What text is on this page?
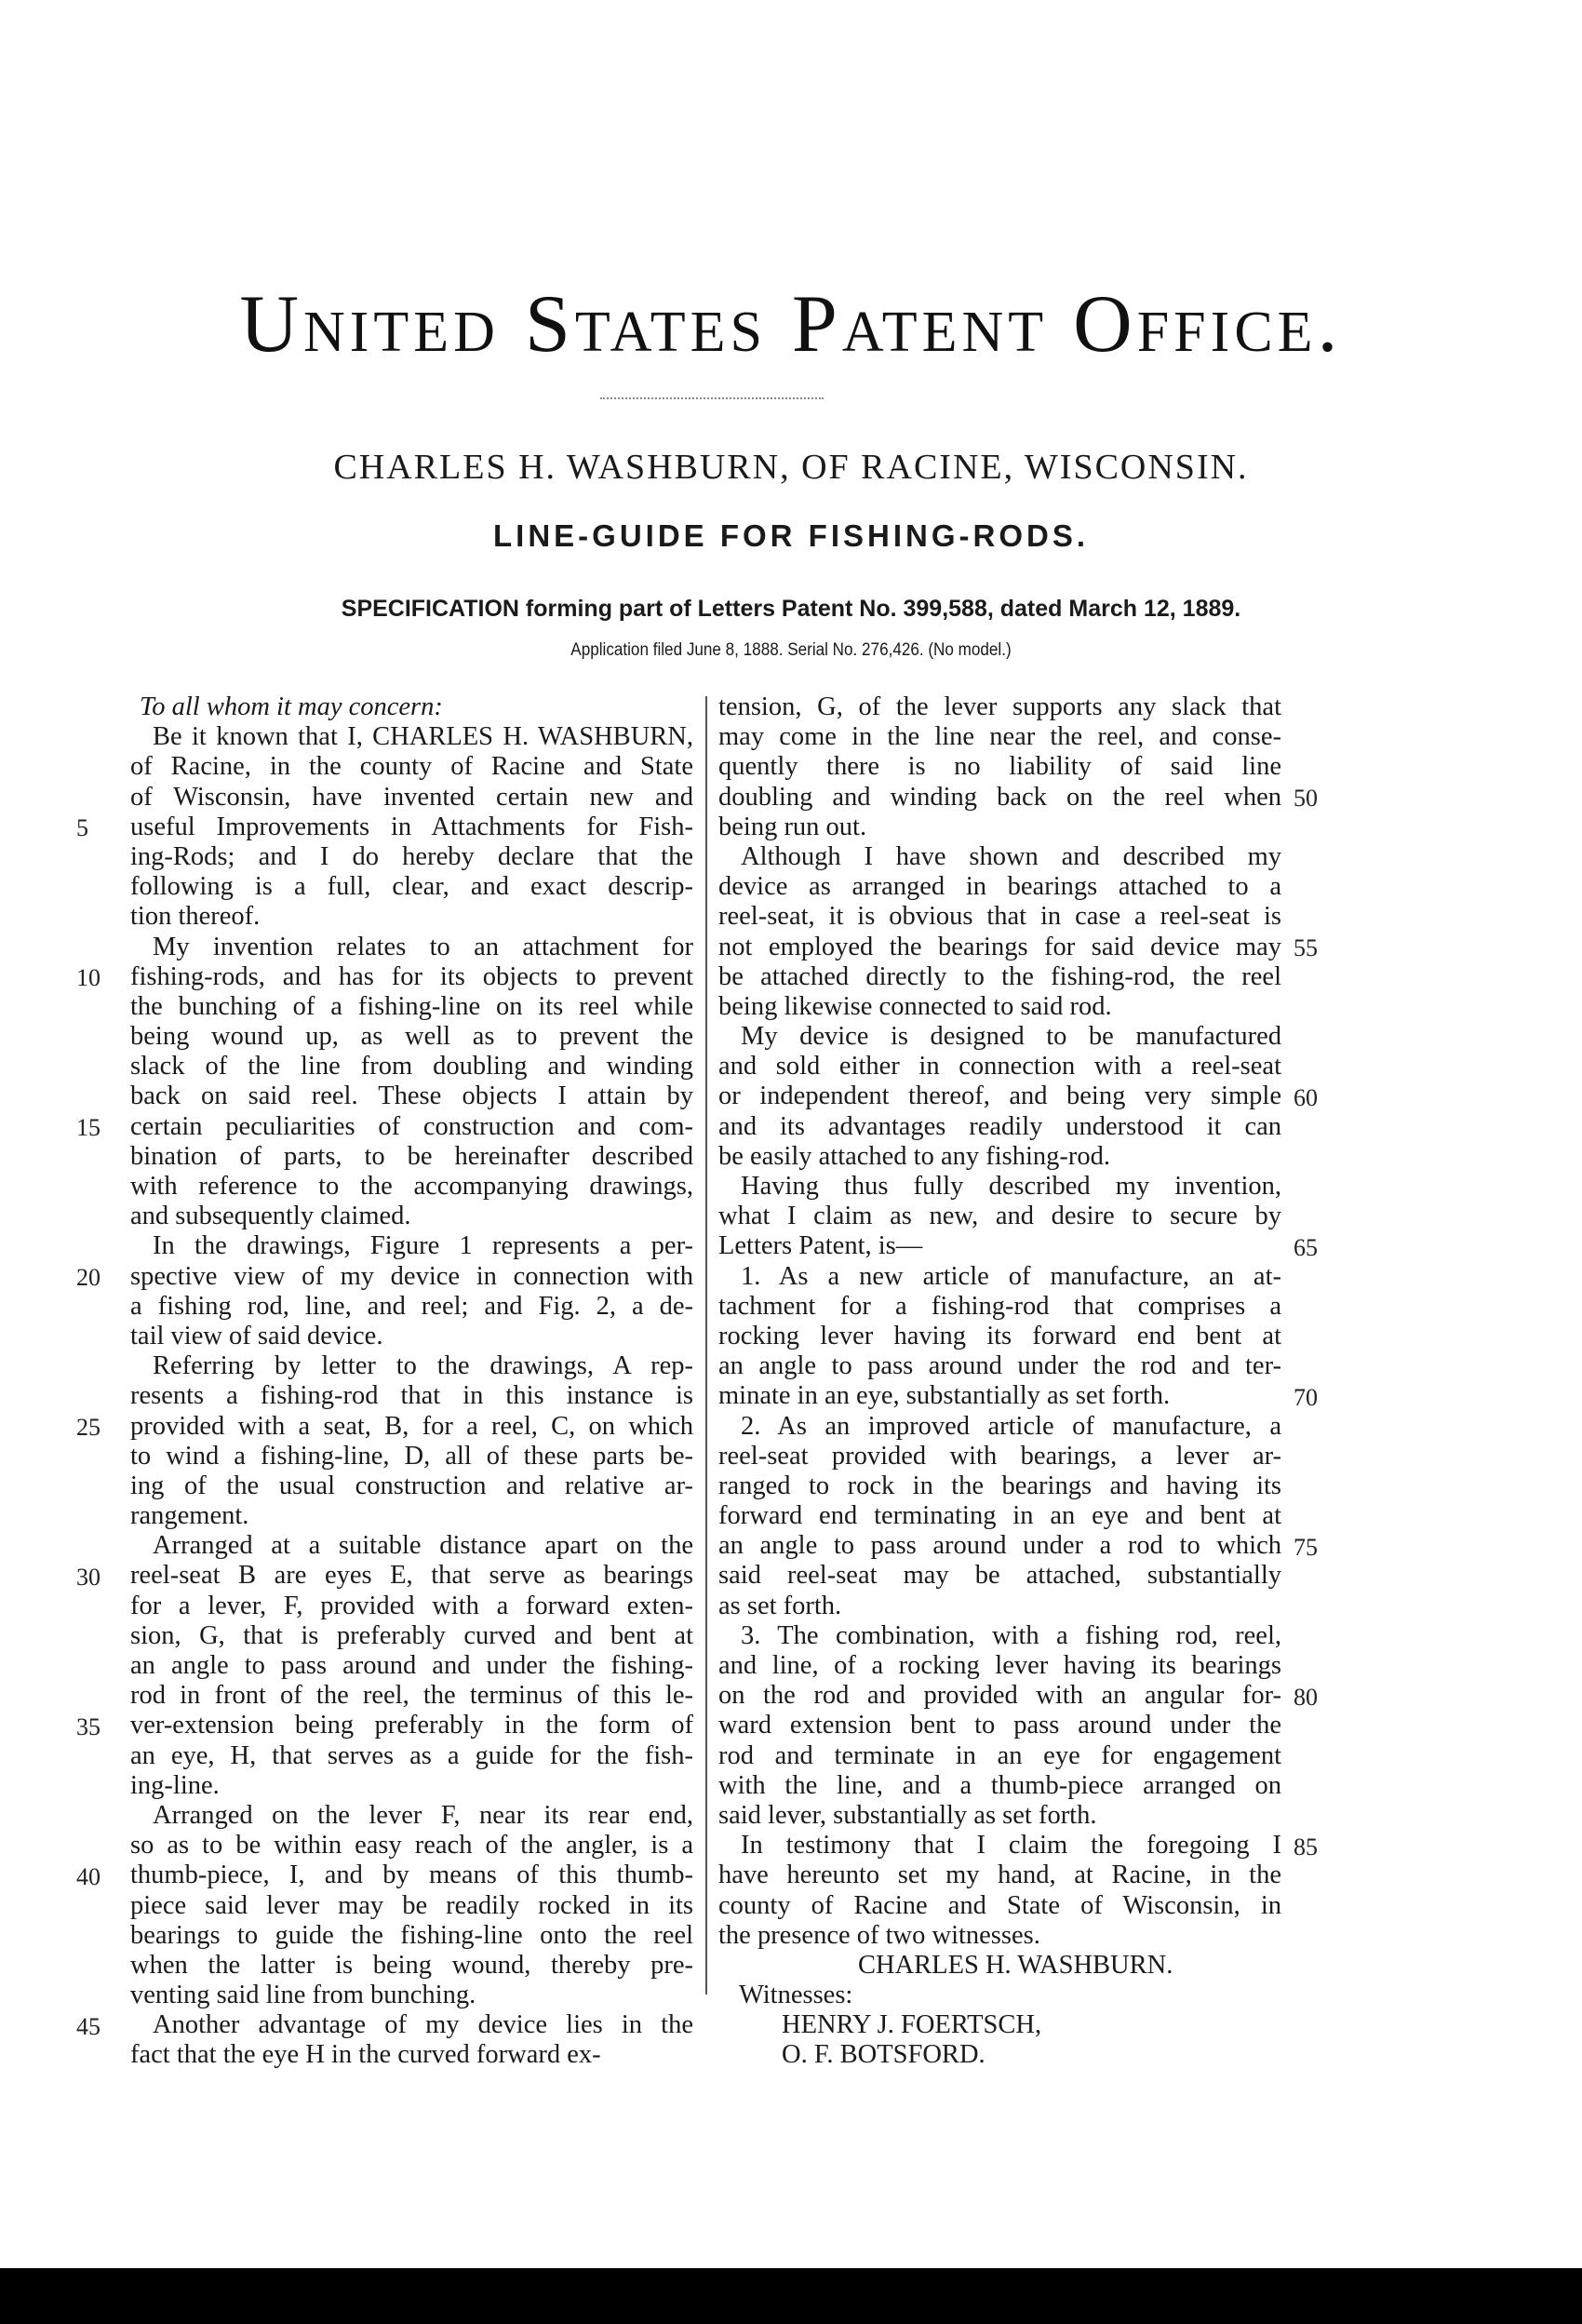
United States Patent Office.
CHARLES H. WASHBURN, OF RACINE, WISCONSIN.
LINE-GUIDE FOR FISHING-RODS.
SPECIFICATION forming part of Letters Patent No. 399,588, dated March 12, 1889.
Application filed June 8, 1888. Serial No. 276,426. (No model.)
To all whom it may concern:
Be it known that I, CHARLES H. WASHBURN,
of Racine, in the county of Racine and State
of Wisconsin, have invented certain new and
useful Improvements in Attachments for Fish-
ing-Rods; and I do hereby declare that the
following is a full, clear, and exact descrip-
tion thereof.
My invention relates to an attachment for
fishing-rods, and has for its objects to prevent
the bunching of a fishing-line on its reel while
being wound up, as well as to prevent the
slack of the line from doubling and winding
back on said reel. These objects I attain by
certain peculiarities of construction and com-
bination of parts, to be hereinafter described
with reference to the accompanying drawings,
and subsequently claimed.
In the drawings, Figure 1 represents a per-
spective view of my device in connection with
a fishing rod, line, and reel; and Fig. 2, a de-
tail view of said device.
Referring by letter to the drawings, A rep-
resents a fishing-rod that in this instance is
provided with a seat, B, for a reel, C, on which
to wind a fishing-line, D, all of these parts be-
ing of the usual construction and relative ar-
rangement.
Arranged at a suitable distance apart on the
reel-seat B are eyes E, that serve as bearings
for a lever, F, provided with a forward exten-
sion, G, that is preferably curved and bent at
an angle to pass around and under the fishing-
rod in front of the reel, the terminus of this le-
ver-extension being preferably in the form of
an eye, H, that serves as a guide for the fish-
ing-line.
Arranged on the lever F, near its rear end,
so as to be within easy reach of the angler, is a
thumb-piece, I, and by means of this thumb-
piece said lever may be readily rocked in its
bearings to guide the fishing-line onto the reel
when the latter is being wound, thereby pre-
venting said line from bunching.
Another advantage of my device lies in the
fact that the eye H in the curved forward ex-
tension, G, of the lever supports any slack that
may come in the line near the reel, and conse-
quently there is no liability of said line
doubling and winding back on the reel when
being run out.
Although I have shown and described my
device as arranged in bearings attached to a
reel-seat, it is obvious that in case a reel-seat is
not employed the bearings for said device may
be attached directly to the fishing-rod, the reel
being likewise connected to said rod.
My device is designed to be manufactured
and sold either in connection with a reel-seat
or independent thereof, and being very simple
and its advantages readily understood it can
be easily attached to any fishing-rod.
Having thus fully described my invention,
what I claim as new, and desire to secure by
Letters Patent, is—
1. As a new article of manufacture, an at-
tachment for a fishing-rod that comprises a
rocking lever having its forward end bent at
an angle to pass around under the rod and ter-
minate in an eye, substantially as set forth.
2. As an improved article of manufacture, a
reel-seat provided with bearings, a lever ar-
ranged to rock in the bearings and having its
forward end terminating in an eye and bent at
an angle to pass around under a rod to which
said reel-seat may be attached, substantially
as set forth.
3. The combination, with a fishing rod, reel,
and line, of a rocking lever having its bearings
on the rod and provided with an angular for-
ward extension bent to pass around under the
rod and terminate in an eye for engagement
with the line, and a thumb-piece arranged on
said lever, substantially as set forth.
In testimony that I claim the foregoing I
have hereunto set my hand, at Racine, in the
county of Racine and State of Wisconsin, in
the presence of two witnesses.
CHARLES H. WASHBURN.
Witnesses:
HENRY J. FOERTSCH,
O. F. BOTSFORD.
5
10
15
20
25
30
35
40
45
50
55
60
65
70
75
80
85
